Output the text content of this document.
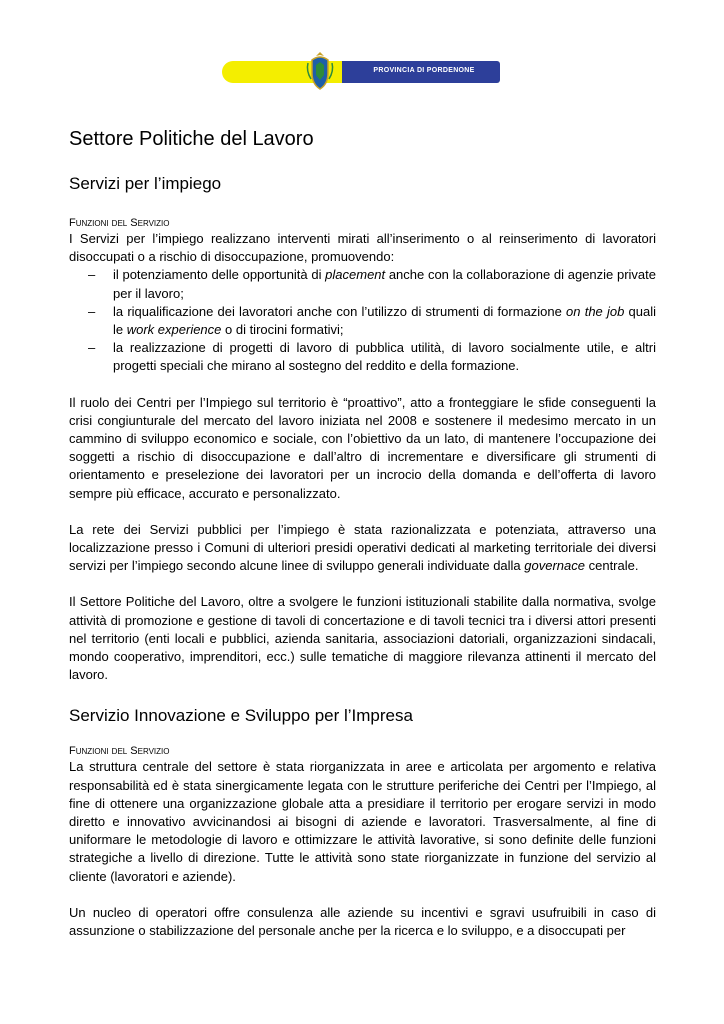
PROVINCIA DI PORDENONE
Settore Politiche del Lavoro
Servizi per l’impiego
Funzioni del Servizio

I Servizi per l’impiego realizzano interventi mirati all’inserimento o al reinserimento di lavoratori disoccupati o a rischio di disoccupazione, promuovendo:

– il potenziamento delle opportunità di placement anche con la collaborazione di agenzie private per il lavoro;
– la riqualificazione dei lavoratori anche con l’utilizzo di strumenti di formazione on the job quali le work experience o di tirocini formativi;
– la realizzazione di progetti di lavoro di pubblica utilità, di lavoro socialmente utile, e altri progetti speciali che mirano al sostegno del reddito e della formazione.

Il ruolo dei Centri per l’Impiego sul territorio è “proattivo”, atto a fronteggiare le sfide conseguenti la crisi congiunturale del mercato del lavoro iniziata nel 2008 e sostenere il medesimo mercato in un cammino di sviluppo economico e sociale, con l’obiettivo da un lato, di mantenere l’occupazione dei soggetti a rischio di disoccupazione e dall’altro di incrementare e diversificare gli strumenti di orientamento e preselezione dei lavoratori per un incrocio della domanda e dell’offerta di lavoro sempre più efficace, accurato e personalizzato.

La rete dei Servizi pubblici per l’impiego è stata razionalizzata e potenziata, attraverso una localizzazione presso i Comuni di ulteriori presidi operativi dedicati al marketing territoriale dei diversi servizi per l’impiego secondo alcune linee di sviluppo generali individuate dalla governace centrale.

Il Settore Politiche del Lavoro, oltre a svolgere le funzioni istituzionali stabilite dalla normativa, svolge attività di promozione e gestione di tavoli di concertazione e di tavoli tecnici tra i diversi attori presenti nel territorio (enti locali e pubblici, azienda sanitaria, associazioni datoriali, organizzazioni sindacali, mondo cooperativo, imprenditori, ecc.) sulle tematiche di maggiore rilevanza attinenti il mercato del lavoro.

Servizio Innovazione e Sviluppo per l’Impresa
Funzioni del Servizio

La struttura centrale del settore è stata riorganizzata in aree e articolata per argomento e relativa responsabilità ed è stata sinergicamente legata con le strutture periferiche dei Centri per l’Impiego, al fine di ottenere una organizzazione globale atta a presidiare il territorio per erogare servizi in modo diretto e innovativo avvicinandosi ai bisogni di aziende e lavoratori. Trasversalmente, al fine di uniformare le metodologie di lavoro e ottimizzare le attività lavorative, si sono definite delle funzioni strategiche a livello di direzione. Tutte le attività sono state riorganizzate in funzione del servizio al cliente (lavoratori e aziende).

Un nucleo di operatori offre consulenza alle aziende su incentivi e sgravi usufruibili in caso di assunzione o stabilizzazione del personale anche per la ricerca e lo sviluppo, e a disoccupati per
